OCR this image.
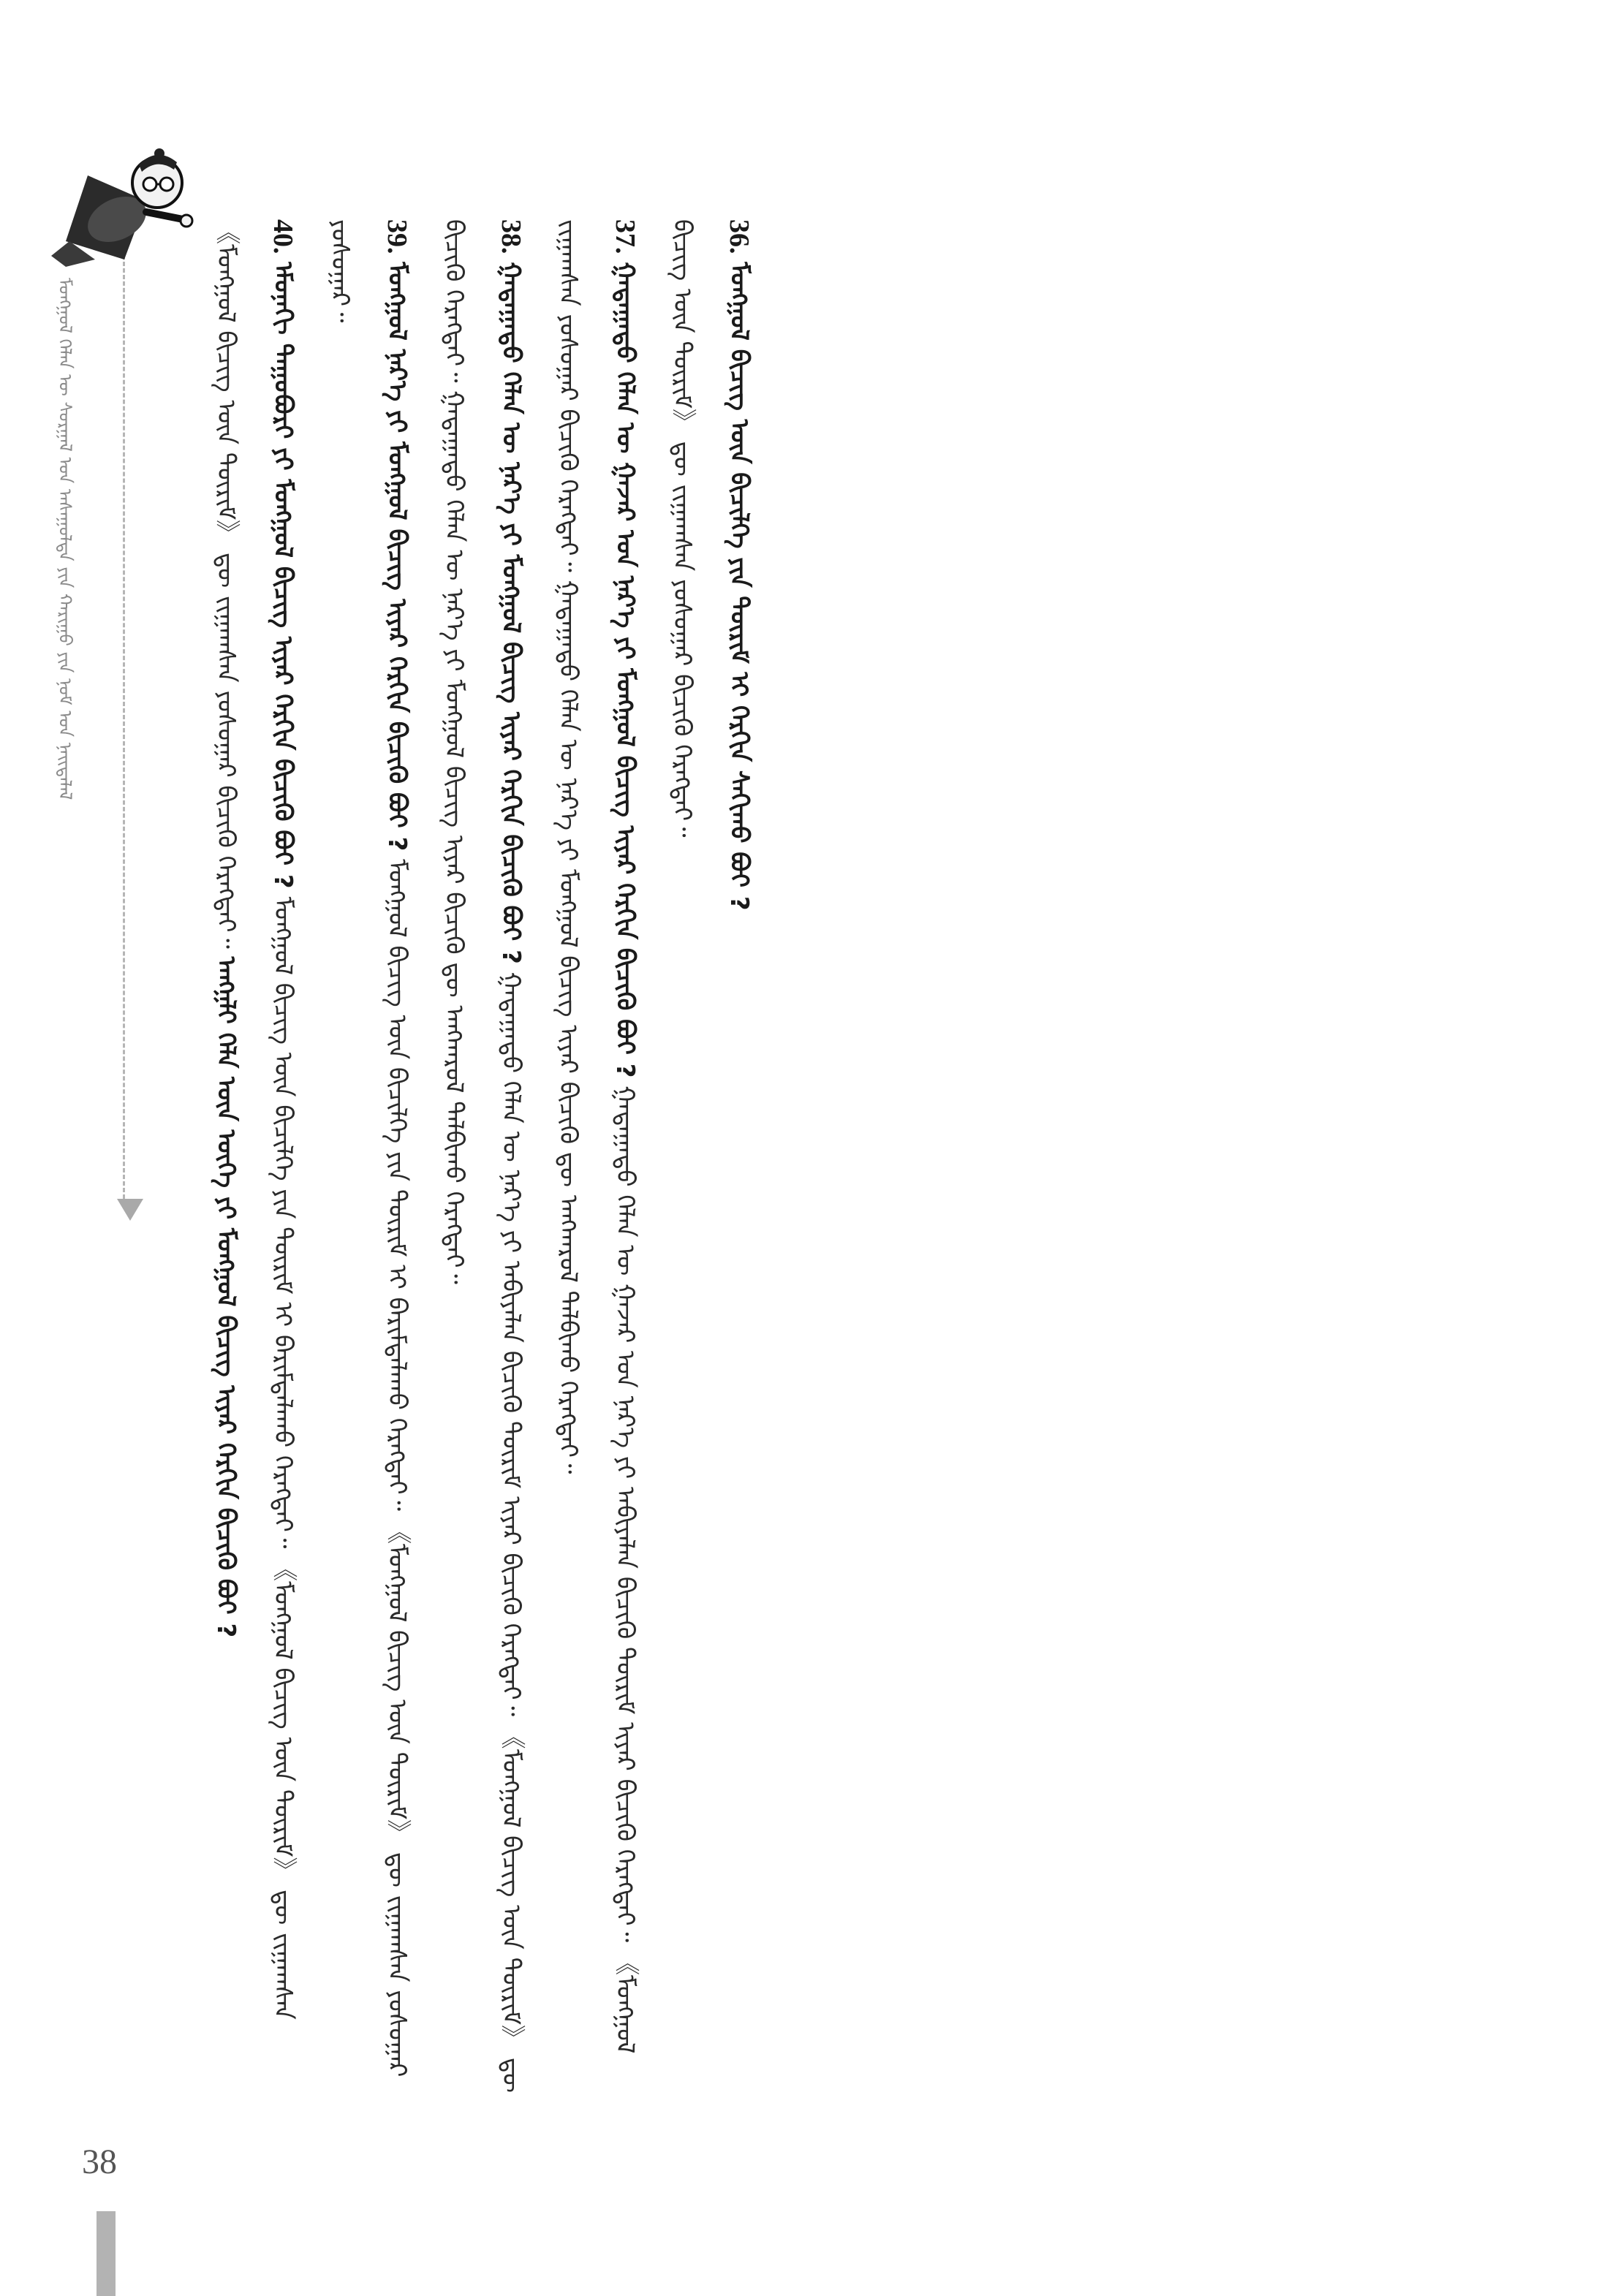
ᠮᠣᠩᠭᠣᠯ ᠬᠡᠯᠡᠨ ᠦ ᠰᠤᠷᠭᠠᠯ ᠤᠨ ᠠᠰᠠᠭᠤᠯᠲᠠ ᠶᠢᠨ ᠬᠠᠷᠢᠭᠤ ᠶᠢᠨ ᠨᠣᠮ ᠤᠨ ᠨᠡᠢᠲᠡᠯᠡᠯ	《ᠮᠣᠩᠭᠣᠯ ᠪᠢᠴᠢᠭ ᠦᠨ ᠳᠦᠷᠢᠮ》 ᠳᠦ ᠵᠢᠭᠠᠭᠰᠠᠨ ᠶᠣᠰᠣᠭᠠᠷ ᠪᠢᠴᠢᠬᠦ ᠬᠡᠷᠡᠭᠲᠡᠢ᠃ ᠠᠩᠭ᠋ᠯᠢ ᠬᠡᠯᠡ ᠦᠨ ᠦᠭᠡ ᠶᠢ ᠮᠣᠩᠭᠣᠯ ᠪᠢᠴᠢᠭ ᠢᠶᠡᠷ ᠬᠡᠷᠬᠢᠨ ᠪᠢᠴᠢᠬᠦ ᠪᠤᠢ ?
40. ᠡᠮᠦᠨᠡᠬᠢ ᠳᠠᠭᠤᠪᠣᠷᠢ ᠶᠢ ᠮᠣᠩᠭᠣᠯ ᠪᠢᠴᠢᠭ ᠢᠶᠡᠷ ᠬᠡᠷᠬᠢᠨ ᠪᠢᠴᠢᠬᠦ ᠪᠤᠢ ? ᠮᠣᠩᠭᠣᠯ ᠪᠢᠴᠢᠭ ᠦᠨ ᠪᠢᠴᠢᠯᠭᠡ ᠶᠢᠨ ᠳᠦᠷᠢᠮ ᠢ ᠪᠠᠷᠢᠮᠲᠠᠯᠠᠬᠤ ᠬᠡᠷᠡᠭᠲᠡᠢ᠃ 《ᠮᠣᠩᠭᠣᠯ ᠪᠢᠴᠢᠭ ᠦᠨ ᠳᠦᠷᠢᠮ》 ᠳᠦ ᠵᠢᠭᠠᠭᠰᠠᠨ ᠶᠣᠰᠣᠭᠠᠷ᠃ 39. ᠮᠣᠩᠭᠣᠯ ᠨᠡᠷ᠎ᠡ ᠶᠢ ᠮᠣᠩᠭᠣᠯ ᠪᠢᠴᠢᠭ ᠢᠶᠡᠷ ᠬᠡᠷᠬᠢᠨ ᠪᠢᠴᠢᠬᠦ ᠪᠤᠢ ? ᠮᠣᠩᠭᠣᠯ ᠪᠢᠴᠢᠭ ᠦᠨ ᠪᠢᠴᠢᠯᠭᠡ ᠶᠢᠨ ᠳᠦᠷᠢᠮ ᠢ ᠪᠠᠷᠢᠮᠲᠠᠯᠠᠬᠤ ᠬᠡᠷᠡᠭᠲᠡᠢ᠃ 《ᠮᠣᠩᠭᠣᠯ ᠪᠢᠴᠢᠭ ᠦᠨ ᠳᠦᠷᠢᠮ》 ᠳᠦ ᠵᠢᠭᠠᠭᠰᠠᠨ ᠶᠣᠰᠣᠭᠠᠷ ᠪᠢᠴᠢᠬᠦ ᠬᠡᠷᠡᠭᠲᠡᠢ᠃ ᠭᠠᠳᠠᠭᠠᠳᠤ ᠬᠡᠯᠡᠨ ᠦ ᠨᠡᠷ᠎ᠡ ᠶᠢ ᠮᠣᠩᠭᠣᠯ ᠪᠢᠴᠢᠭ ᠢᠶᠡᠷ ᠪᠢᠴᠢᠬᠦ ᠳᠦ ᠠᠩᠬᠠᠷᠤᠯ ᠲᠠᠯᠪᠢᠬᠤ ᠬᠡᠷᠡᠭᠲᠡᠢ᠃ 38. ᠭᠠᠳᠠᠭᠠᠳᠤ ᠬᠡᠯᠡᠨ ᠦ ᠨᠡᠷ᠎ᠡ ᠶᠢ ᠮᠣᠩᠭᠣᠯ ᠪᠢᠴᠢᠭ ᠢᠶᠡᠷ ᠬᠡᠷᠬᠢᠨ ᠪᠢᠴᠢᠬᠦ ᠪᠤᠢ ? ᠭᠠᠳᠠᠭᠠᠳᠤ ᠬᠡᠯᠡᠨ ᠦ ᠨᠡᠷ᠎ᠡ ᠶᠢ ᠠᠪᠢᠶᠠᠯᠠᠨ ᠪᠢᠴᠢᠬᠦ ᠳᠦᠷᠢᠮ ᠢᠶᠡᠷ ᠪᠢᠴᠢᠬᠦ ᠬᠡᠷᠡᠭᠲᠡᠢ᠃ 《ᠮᠣᠩᠭᠣᠯ ᠪᠢᠴᠢᠭ ᠦᠨ ᠳᠦᠷᠢᠮ》 ᠳᠦ ᠵᠢᠭᠠᠭᠰᠠᠨ ᠶᠣᠰᠣᠭᠠᠷ ᠪᠢᠴᠢᠬᠦ ᠬᠡᠷᠡᠭᠲᠡᠢ᠃ ᠭᠠᠳᠠᠭᠠᠳᠤ ᠬᠡᠯᠡᠨ ᠦ ᠨᠡᠷ᠎ᠡ ᠶᠢ ᠮᠣᠩᠭᠣᠯ ᠪᠢᠴᠢᠭ ᠢᠶᠡᠷ ᠪᠢᠴᠢᠬᠦ ᠳᠦ ᠠᠩᠬᠠᠷᠤᠯ ᠲᠠᠯᠪᠢᠬᠤ ᠬᠡᠷᠡᠭᠲᠡᠢ᠃ 37. ᠭᠠᠳᠠᠭᠠᠳᠤ ᠬᠡᠯᠡᠨ ᠦ ᠭᠠᠵᠠᠷ ᠤᠨ ᠨᠡᠷ᠎ᠡ ᠶᠢ ᠮᠣᠩᠭᠣᠯ ᠪᠢᠴᠢᠭ ᠢᠶᠡᠷ ᠬᠡᠷᠬᠢᠨ ᠪᠢᠴᠢᠬᠦ ᠪᠤᠢ ? ᠭᠠᠳᠠᠭᠠᠳᠤ ᠬᠡᠯᠡᠨ ᠦ ᠭᠠᠵᠠᠷ ᠤᠨ ᠨᠡᠷ᠎ᠡ ᠶᠢ ᠠᠪᠢᠶᠠᠯᠠᠨ ᠪᠢᠴᠢᠬᠦ ᠳᠦᠷᠢᠮ ᠢᠶᠡᠷ ᠪᠢᠴᠢᠬᠦ ᠬᠡᠷᠡᠭᠲᠡᠢ᠃ 《ᠮᠣᠩᠭᠣᠯ ᠪᠢᠴᠢᠭ ᠦᠨ ᠳᠦᠷᠢᠮ》 ᠳᠦ ᠵᠢᠭᠠᠭᠰᠠᠨ ᠶᠣᠰᠣᠭᠠᠷ ᠪᠢᠴᠢᠬᠦ ᠬᠡᠷᠡᠭᠲᠡᠢ᠃ 36. ᠮᠣᠩᠭᠣᠯ ᠪᠢᠴᠢᠭ ᠦᠨ ᠪᠢᠴᠢᠯᠭᠡ ᠶᠢᠨ ᠳᠦᠷᠢᠮ ᠢ ᠬᠡᠷᠬᠢᠨ ᠰᠠᠬᠢᠬᠤ ᠪᠤᠢ ?
38
